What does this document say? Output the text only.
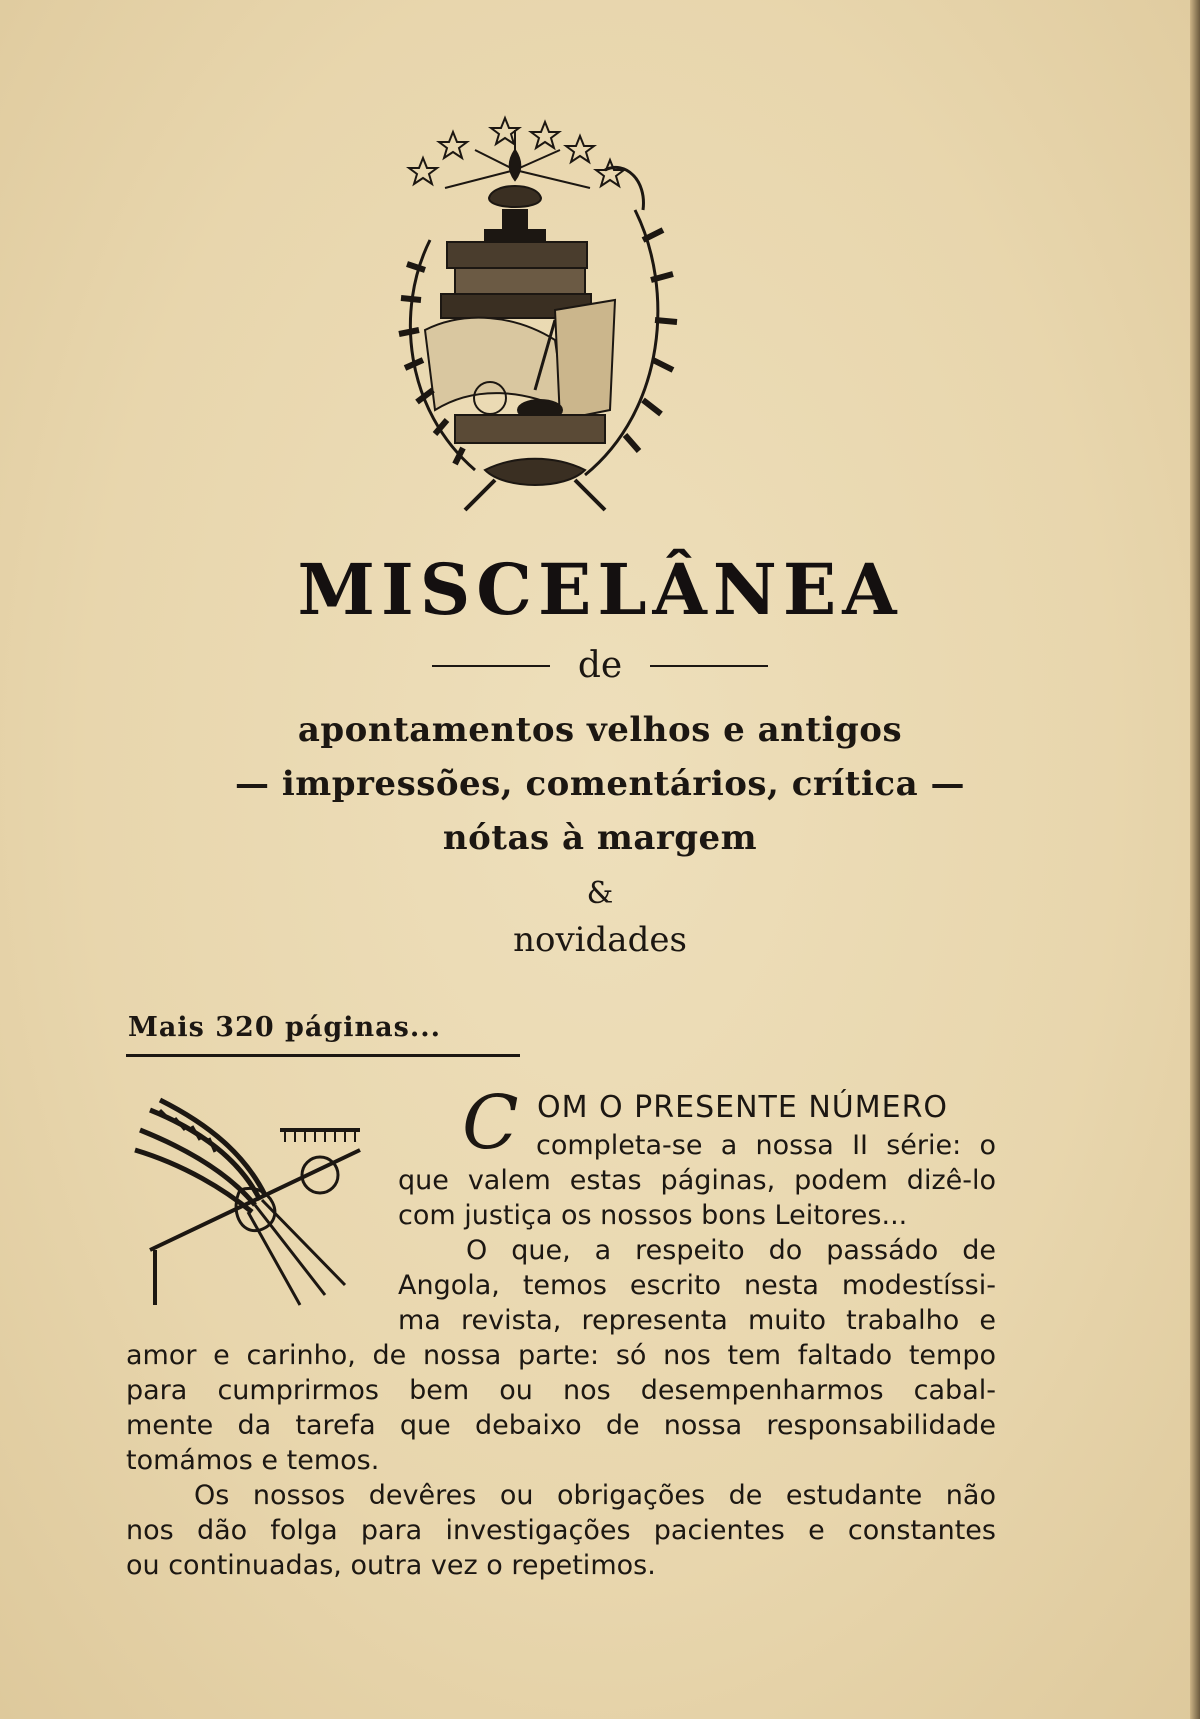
MISCELÂNEA
de
apontamentos velhos e antigos
— impressões, comentários, crítica —
nótas à margem
&
novidades
Mais 320 páginas...
C OM O PRESENTE NÚMERO
completa-se a nossa II série: o
que valem estas páginas, podem dizê-lo
com justiça os nossos bons Leitores...
O que, a respeito do passádo de
Angola, temos escrito nesta modestíssi-
ma revista, representa muito trabalho e
amor e carinho, de nossa parte: só nos tem faltado tempo
para cumprirmos bem ou nos desempenharmos cabal-
mente da tarefa que debaixo de nossa responsabilidade
tomámos e temos.
Os nossos devêres ou obrigações de estudante não
nos dão folga para investigações pacientes e constantes
ou continuadas, outra vez o repetimos.
